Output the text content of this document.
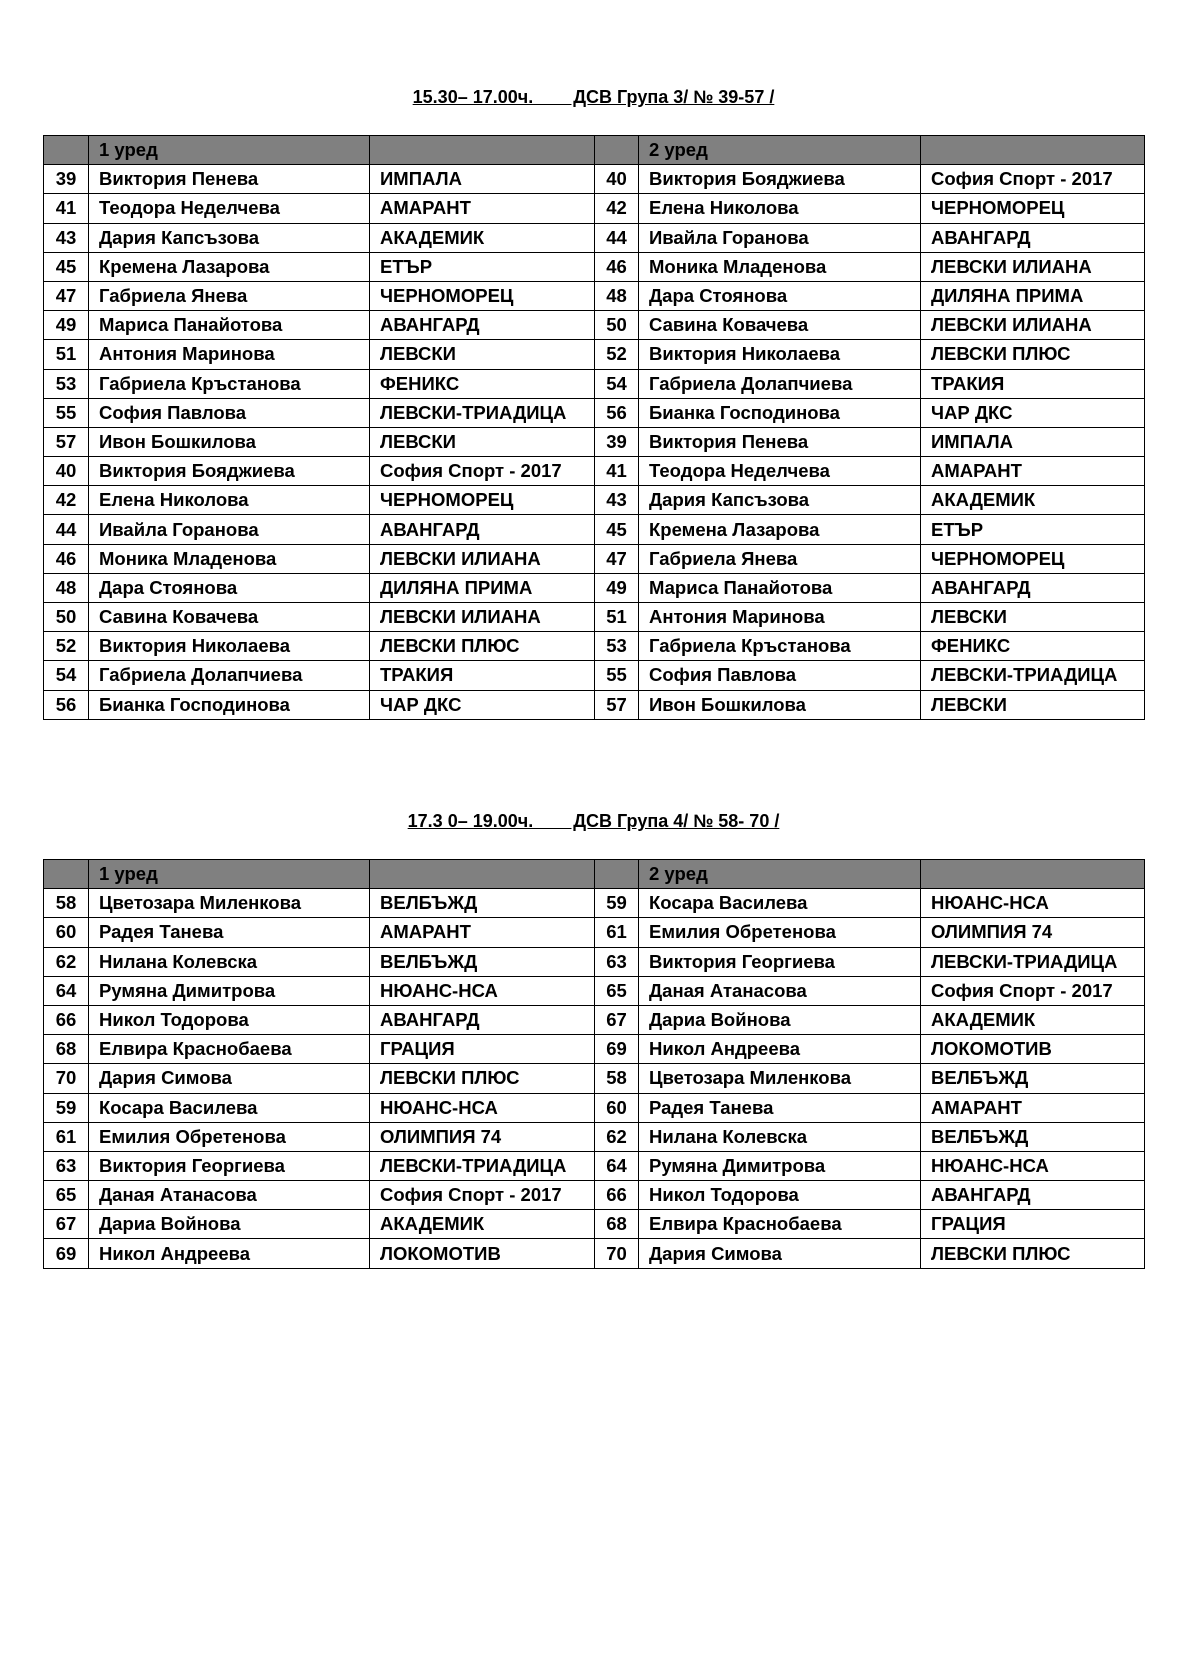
15.30– 17.00ч.        ДСВ Група 3/ № 39-57 /
	1 уред			2 уред	
39	Виктория Пенева	ИМПАЛА	40	Виктория Бояджиева	София Спорт - 2017
41	Теодора Неделчева	АМАРАНТ	42	Елена Николова	ЧЕРНОМОРЕЦ
43	Дария Капсъзова	АКАДЕМИК	44	Ивайла Горанова	АВАНГАРД
45	Кремена Лазарова	ЕТЪР	46	Моника Младенова	ЛЕВСКИ ИЛИАНА
47	Габриела Янева	ЧЕРНОМОРЕЦ	48	Дара Стоянова	ДИЛЯНА ПРИМА
49	Мариса Панайотова	АВАНГАРД	50	Савина Ковачева	ЛЕВСКИ ИЛИАНА
51	Антония Маринова	ЛЕВСКИ	52	Виктория Николаева	ЛЕВСКИ ПЛЮС
53	Габриела Кръстанова	ФЕНИКС	54	Габриела Долапчиева	ТРАКИЯ
55	София Павлова	ЛЕВСКИ-ТРИАДИЦА	56	Бианка Господинова	ЧАР ДКС
57	Ивон Бошкилова	ЛЕВСКИ	39	Виктория Пенева	ИМПАЛА
40	Виктория Бояджиева	София Спорт - 2017	41	Теодора Неделчева	АМАРАНТ
42	Елена Николова	ЧЕРНОМОРЕЦ	43	Дария Капсъзова	АКАДЕМИК
44	Ивайла Горанова	АВАНГАРД	45	Кремена Лазарова	ЕТЪР
46	Моника Младенова	ЛЕВСКИ ИЛИАНА	47	Габриела Янева	ЧЕРНОМОРЕЦ
48	Дара Стоянова	ДИЛЯНА ПРИМА	49	Мариса Панайотова	АВАНГАРД
50	Савина Ковачева	ЛЕВСКИ ИЛИАНА	51	Антония Маринова	ЛЕВСКИ
52	Виктория Николаева	ЛЕВСКИ ПЛЮС	53	Габриела Кръстанова	ФЕНИКС
54	Габриела Долапчиева	ТРАКИЯ	55	София Павлова	ЛЕВСКИ-ТРИАДИЦА
56	Бианка Господинова	ЧАР ДКС	57	Ивон Бошкилова	ЛЕВСКИ
17.3 0– 19.00ч.        ДСВ Група 4/ № 58- 70 /
	1 уред			2 уред	
58	Цветозара Миленкова	ВЕЛБЪЖД	59	Косара Василева	НЮАНС-НСА
60	Радея Танева	АМАРАНТ	61	Емилия Обретенова	ОЛИМПИЯ 74
62	Нилана Колевска	ВЕЛБЪЖД	63	Виктория Георгиева	ЛЕВСКИ-ТРИАДИЦА
64	Румяна Димитрова	НЮАНС-НСА	65	Даная Атанасова	София Спорт - 2017
66	Никол Тодорова	АВАНГАРД	67	Дариа Войнова	АКАДЕМИК
68	Елвира Краснобаева	ГРАЦИЯ	69	Никол Андреева	ЛОКОМОТИВ
70	Дария Симова	ЛЕВСКИ ПЛЮС	58	Цветозара Миленкова	ВЕЛБЪЖД
59	Косара Василева	НЮАНС-НСА	60	Радея Танева	АМАРАНТ
61	Емилия Обретенова	ОЛИМПИЯ 74	62	Нилана Колевска	ВЕЛБЪЖД
63	Виктория Георгиева	ЛЕВСКИ-ТРИАДИЦА	64	Румяна Димитрова	НЮАНС-НСА
65	Даная Атанасова	София Спорт - 2017	66	Никол Тодорова	АВАНГАРД
67	Дариа Войнова	АКАДЕМИК	68	Елвира Краснобаева	ГРАЦИЯ
69	Никол Андреева	ЛОКОМОТИВ	70	Дария Симова	ЛЕВСКИ ПЛЮС
